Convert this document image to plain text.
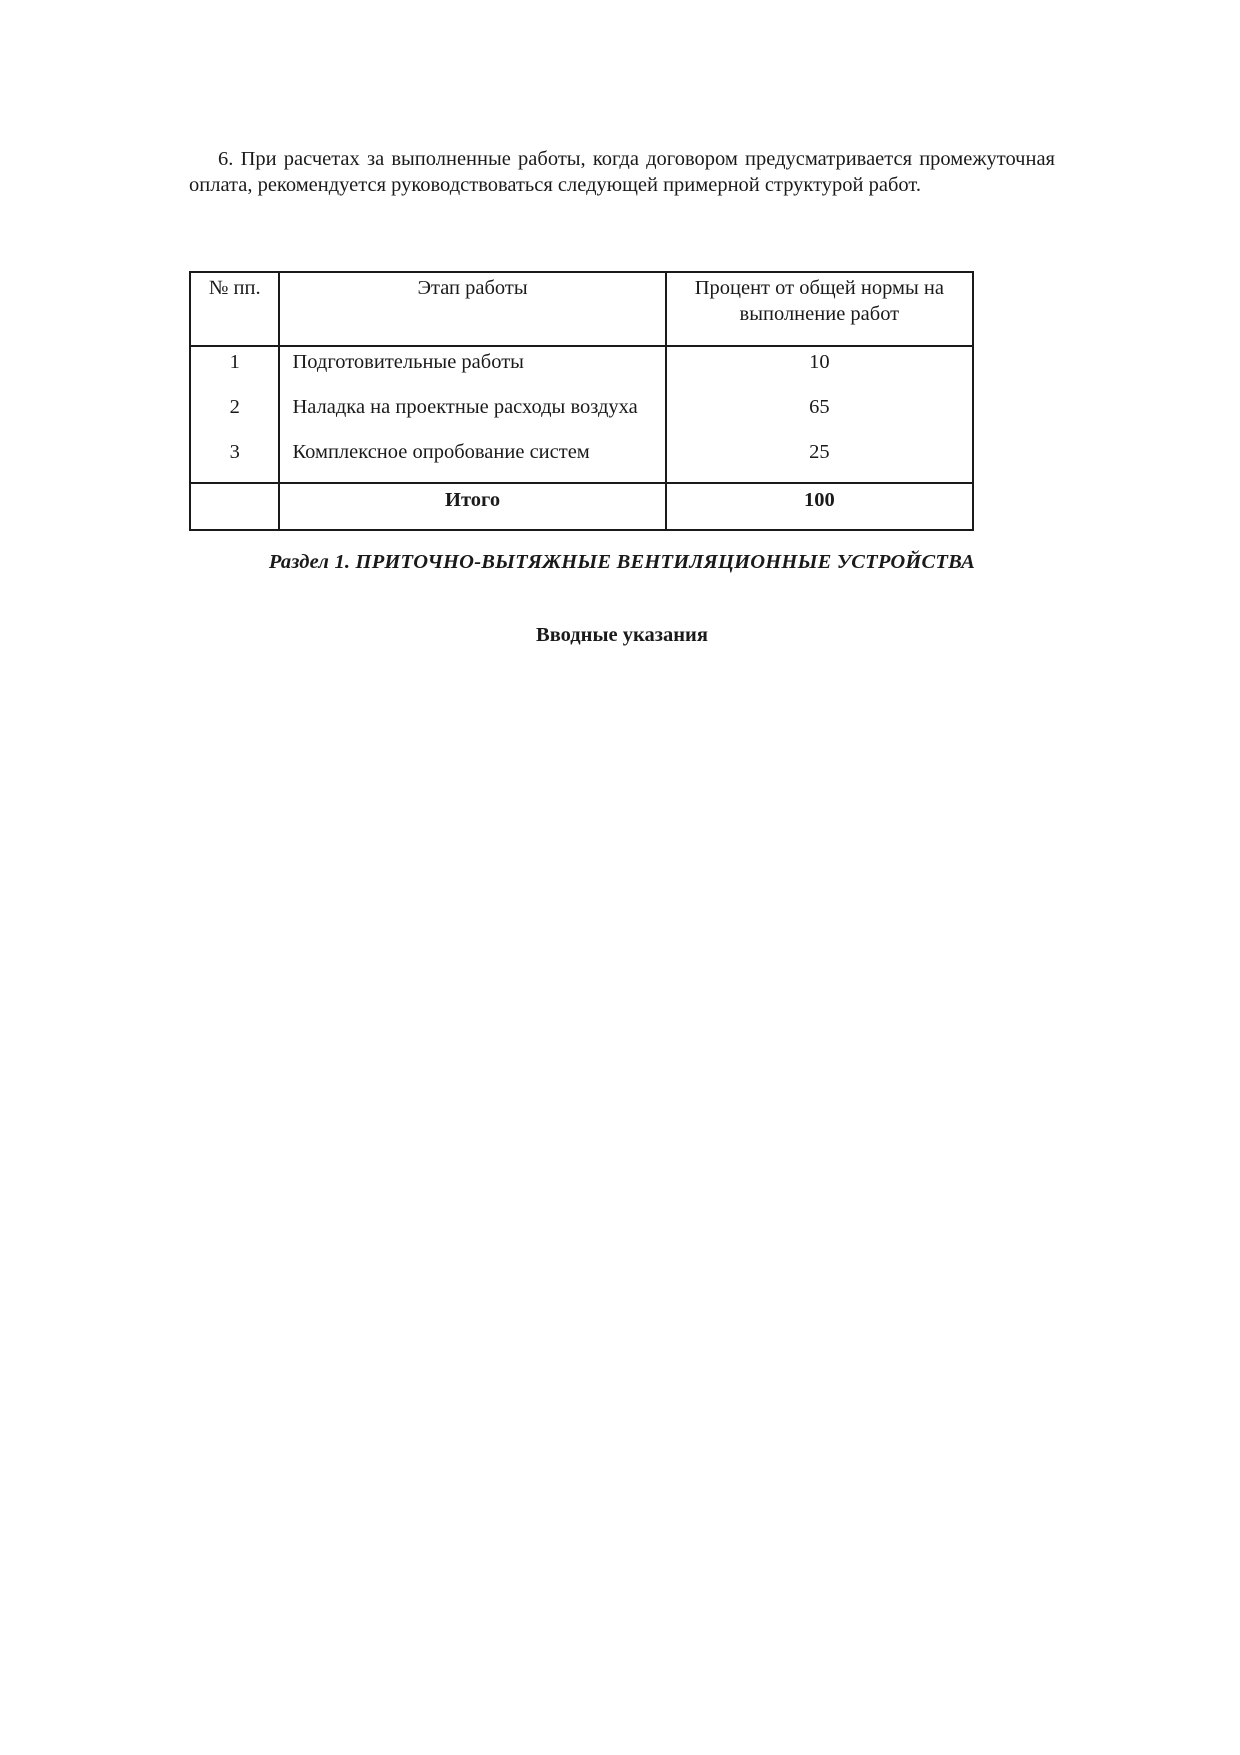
6. При расчетах за выполненные работы, когда договором предусматривается промежуточная оплата, рекомендуется руководствоваться следующей примерной структурой работ.

№ пп.	Этап работы	Процент от общей нормы на выполнение работ
1	Подготовительные работы	10
2	Наладка на проектные расходы воздуха	65
3	Комплексное опробование систем	25
	Итого	100

Раздел 1. ПРИТОЧНО-ВЫТЯЖНЫЕ ВЕНТИЛЯЦИОННЫЕ УСТРОЙСТВА

Вводные указания
